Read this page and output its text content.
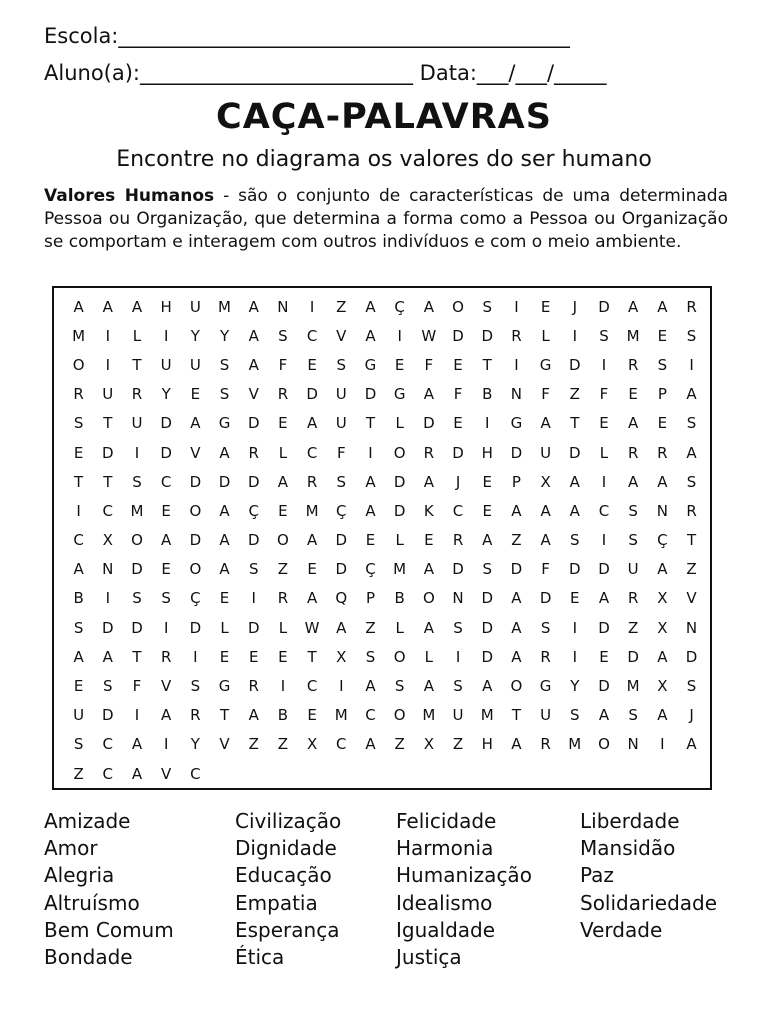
Escola:___________________________________________
Aluno(a):__________________________ Data:___/___/_____
CAÇA-PALAVRAS
Encontre no diagrama os valores do ser humano
Valores Humanos - são o conjunto de características de uma determinada Pessoa ou Organização, que determina a forma como a Pessoa ou Organização se comportam e interagem com outros indivíduos e com o meio ambiente.
A	A	A	H	U	M	A	N	I	Z	A	Ç	A	O	S	I	E	J	D	A	A	R
M	I	L	I	Y	Y	A	S	C	V	A	I	W	D	D	R	L	I	S	M	E	S
O	I	T	U	U	S	A	F	E	S	G	E	F	E	T	I	G	D	I	R	S	I
R	U	R	Y	E	S	V	R	D	U	D	G	A	F	B	N	F	Z	F	E	P	A
S	T	U	D	A	G	D	E	A	U	T	L	D	E	I	G	A	T	E	A	E	S
E	D	I	D	V	A	R	L	C	F	I	O	R	D	H	D	U	D	L	R	R	A
T	T	S	C	D	D	D	A	R	S	A	D	A	J	E	P	X	A	I	A	A	S
I	C	M	E	O	A	Ç	E	M	Ç	A	D	K	C	E	A	A	A	C	S	N	R
C	X	O	A	D	A	D	O	A	D	E	L	E	R	A	Z	A	S	I	S	Ç	T
A	N	D	E	O	A	S	Z	E	D	Ç	M	A	D	S	D	F	D	D	U	A	Z
B	I	S	S	Ç	E	I	R	A	Q	P	B	O	N	D	A	D	E	A	R	X	V
S	D	D	I	D	L	D	L	W	A	Z	L	A	S	D	A	S	I	D	Z	X	N
A	A	T	R	I	E	E	E	T	X	S	O	L	I	D	A	R	I	E	D	A	D
E	S	F	V	S	G	R	I	C	I	A	S	A	S	A	O	G	Y	D	M	X	S
U	D	I	A	R	T	A	B	E	M	C	O	M	U	M	T	U	S	A	S	A	J
S	C	A	I	Y	V	Z	Z	X	C	A	Z	X	Z	H	A	R	M	O	N	I	A
Z	C	A	V	C
Amizade
Amor
Alegria
Altruísmo
Bem Comum
Bondade
Civilização
Dignidade
Educação
Empatia
Esperança
Ética
Felicidade
Harmonia
Humanização
Idealismo
Igualdade
Justiça
Liberdade
Mansidão
Paz
Solidariedade
Verdade
